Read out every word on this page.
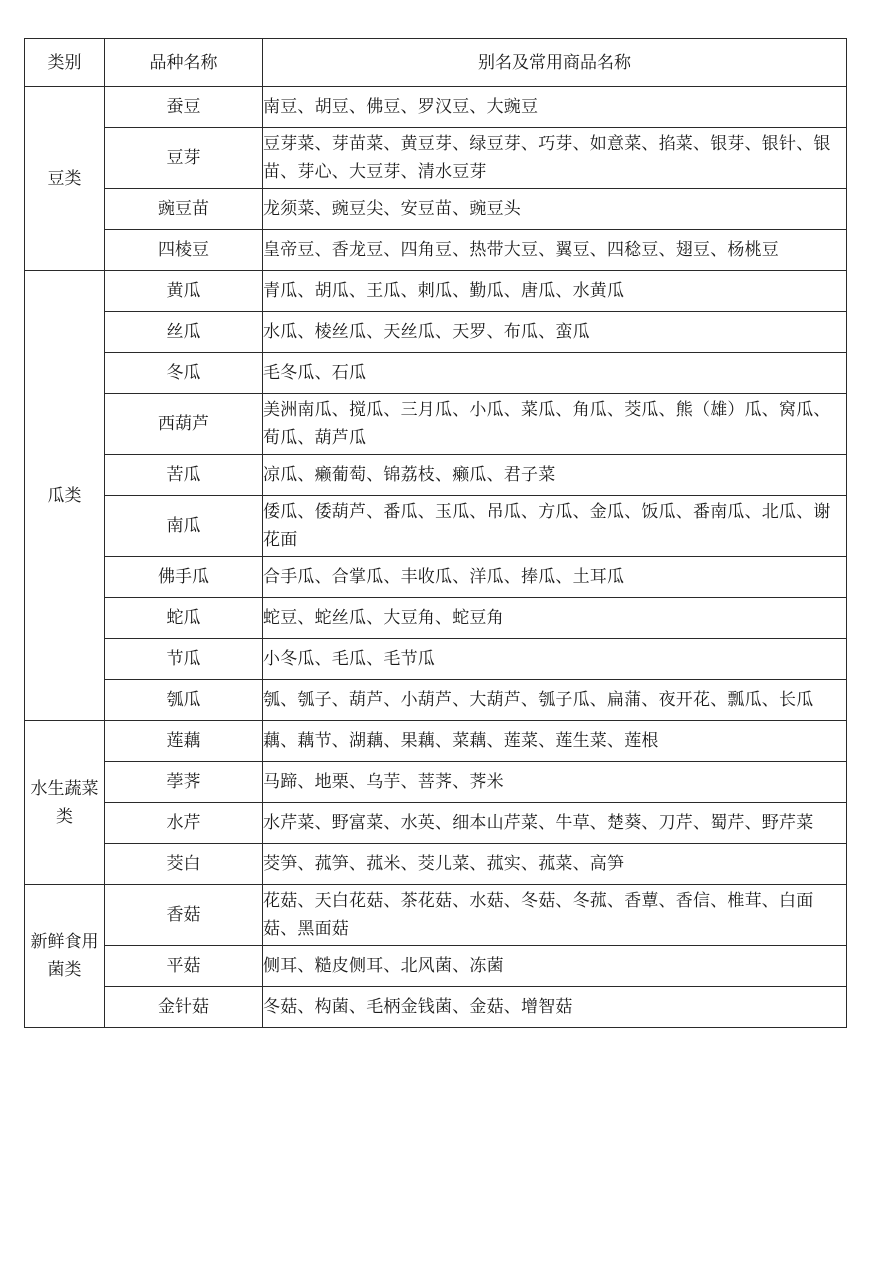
类别	品种名称	别名及常用商品名称
豆类	蚕豆	南豆、胡豆、佛豆、罗汉豆、大豌豆
	豆芽	豆芽菜、芽苗菜、黄豆芽、绿豆芽、巧芽、如意菜、掐菜、银芽、银针、银苗、芽心、大豆芽、清水豆芽
	豌豆苗	龙须菜、豌豆尖、安豆苗、豌豆头
	四棱豆	皇帝豆、香龙豆、四角豆、热带大豆、翼豆、四稔豆、翅豆、杨桃豆
瓜类	黄瓜	青瓜、胡瓜、王瓜、刺瓜、勤瓜、唐瓜、水黄瓜
	丝瓜	水瓜、棱丝瓜、天丝瓜、天罗、布瓜、蛮瓜
	冬瓜	毛冬瓜、石瓜
	西葫芦	美洲南瓜、搅瓜、三月瓜、小瓜、菜瓜、角瓜、茭瓜、熊（雄）瓜、窝瓜、荀瓜、葫芦瓜
	苦瓜	凉瓜、癞葡萄、锦荔枝、癞瓜、君子菜
	南瓜	倭瓜、倭葫芦、番瓜、玉瓜、吊瓜、方瓜、金瓜、饭瓜、番南瓜、北瓜、谢花面
	佛手瓜	合手瓜、合掌瓜、丰收瓜、洋瓜、捧瓜、土耳瓜
	蛇瓜	蛇豆、蛇丝瓜、大豆角、蛇豆角
	节瓜	小冬瓜、毛瓜、毛节瓜
	瓠瓜	瓠、瓠子、葫芦、小葫芦、大葫芦、瓠子瓜、扁蒲、夜开花、瓢瓜、长瓜
水生蔬菜类	莲藕	藕、藕节、湖藕、果藕、菜藕、莲菜、莲生菜、莲根
	荸荠	马蹄、地栗、乌芋、菩荠、荠米
	水芹	水芹菜、野富菜、水英、细本山芹菜、牛草、楚葵、刀芹、蜀芹、野芹菜
	茭白	茭笋、菰笋、菰米、茭儿菜、菰实、菰菜、高笋
新鲜食用菌类	香菇	花菇、天白花菇、茶花菇、水菇、冬菇、冬菰、香蕈、香信、椎茸、白面菇、黑面菇
	平菇	侧耳、糙皮侧耳、北风菌、冻菌
	金针菇	冬菇、构菌、毛柄金钱菌、金菇、增智菇
